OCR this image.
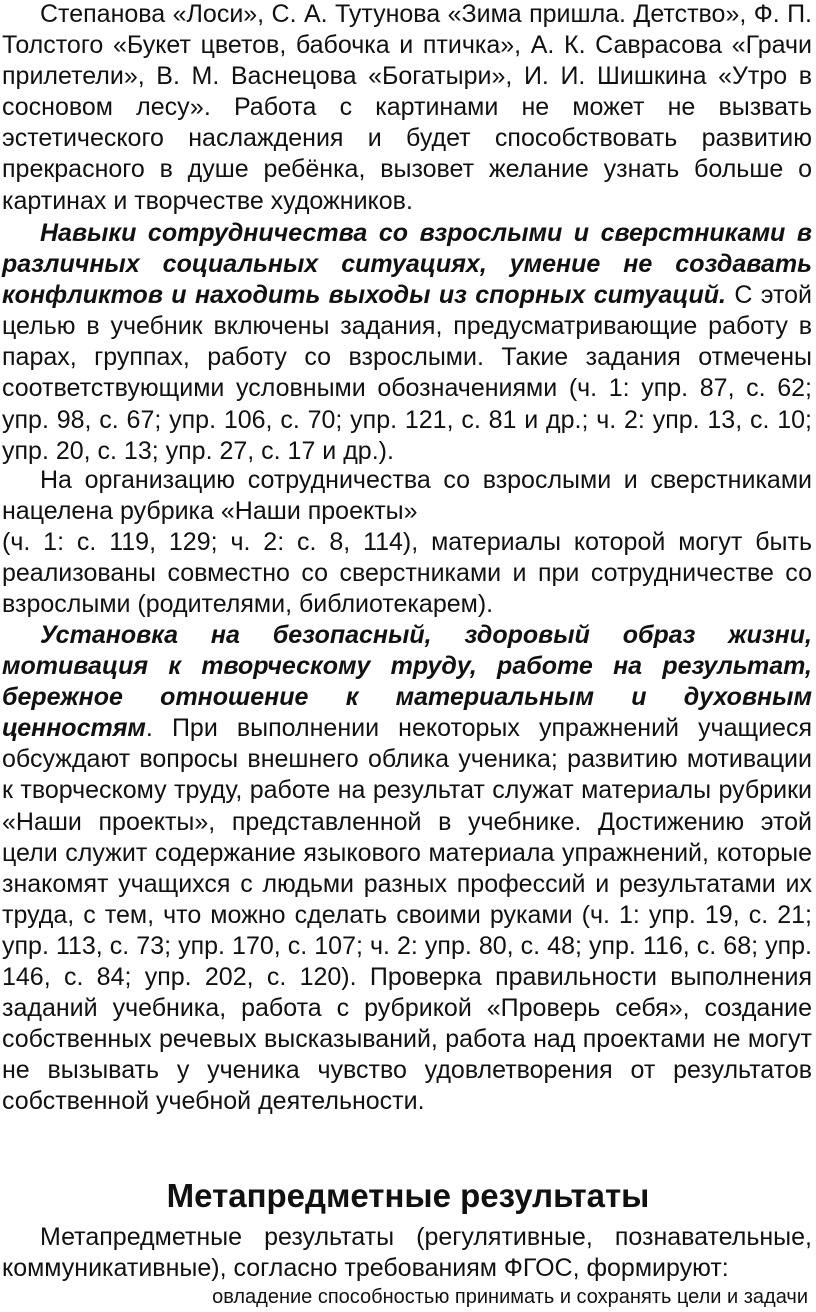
Степанова «Лоси», С. А. Тутунова «Зима пришла. Детство», Ф. П. Толстого «Букет цветов, бабочка и птичка», А. К. Саврасова «Грачи прилетели», В. М. Васнецова «Богатыри», И. И. Шишкина «Утро в сосновом лесу». Работа с картинами не может не вызвать эстетического наслаждения и будет способствовать развитию прекрасного в душе ребёнка, вызовет желание узнать больше о картинах и творчестве художников.

Навыки сотрудничества со взрослыми и сверстниками в различных социальных ситуациях, умение не создавать конфликтов и находить выходы из спорных ситуаций. С этой целью в учебник включены задания, предусматривающие работу в парах, группах, работу со взрослыми. Такие задания отмечены соответствующими условными обозначениями (ч. 1: упр. 87, с. 62; упр. 98, с. 67; упр. 106, с. 70; упр. 121, с. 81 и др.; ч. 2: упр. 13, с. 10; упр. 20, с. 13; упр. 27, с. 17 и др.).

На организацию сотрудничества со взрослыми и сверстниками нацелена рубрика «Наши проекты»
(ч. 1: с. 119, 129; ч. 2: с. 8, 114), материалы которой могут быть реализованы совместно со сверстниками и при сотрудничестве со взрослыми (родителями, библиотекарем).

Установка на безопасный, здоровый образ жизни, мотивация к творческому труду, работе на результат, бережное отношение к материальным и духовным ценностям. При выполнении некоторых упражнений учащиеся обсуждают вопросы внешнего облика ученика; развитию мотивации к творческому труду, работе на результат служат материалы рубрики «Наши проекты», представленной в учебнике. Достижению этой цели служит содержание языкового материала упражнений, которые знакомят учащихся с людьми разных профессий и результатами их труда, с тем, что можно сделать своими руками (ч. 1: упр. 19, с. 21; упр. 113, с. 73; упр. 170, с. 107; ч. 2: упр. 80, с. 48; упр. 116, с. 68; упр. 146, с. 84; упр. 202, с. 120). Проверка правильности выполнения заданий учебника, работа с рубрикой «Проверь себя», создание собственных речевых высказываний, работа над проектами не могут не вызывать у ученика чувство удовлетворения от результатов собственной учебной деятельности.

Метапредметные результаты

Метапредметные результаты (регулятивные, познавательные, коммуникативные), согласно требованиям ФГОС, формируют:

овладение способностью принимать и сохранять цели и задачи
